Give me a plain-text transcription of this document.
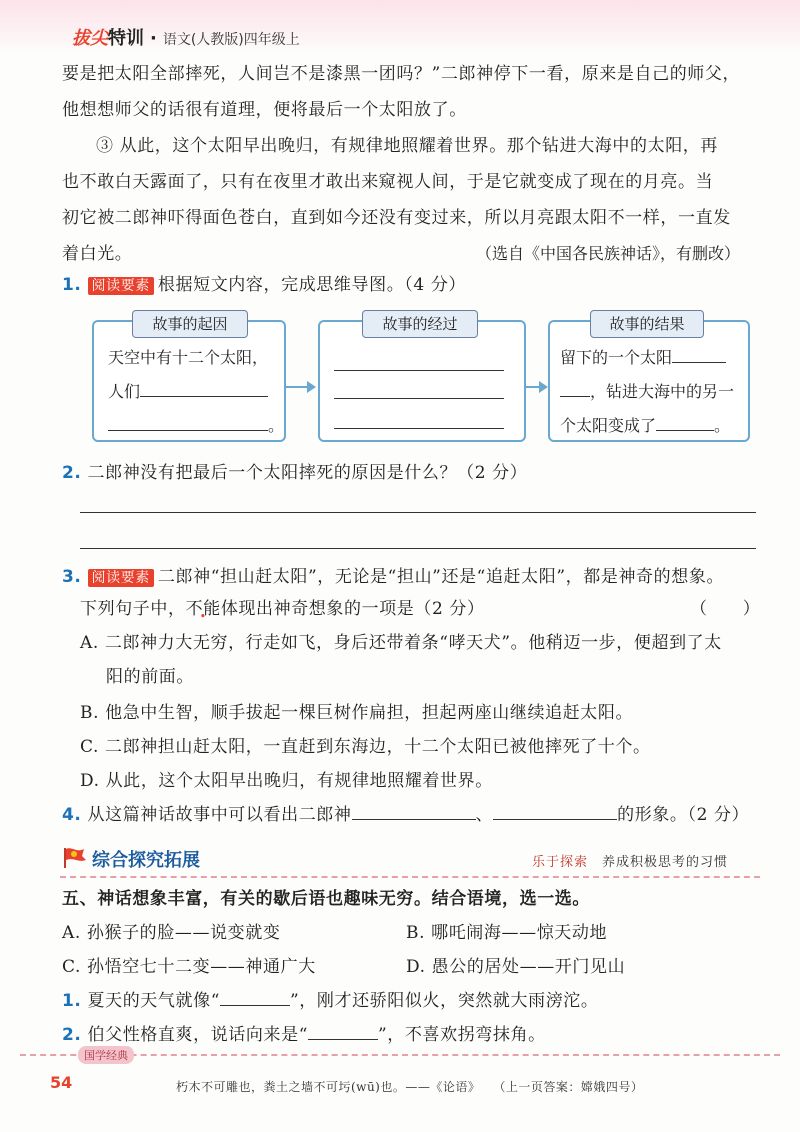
拔尖特训 · 语文(人教版)四年级上
要是把太阳全部摔死，人间岂不是漆黑一团吗？”二郎神停下一看，原来是自己的师父，
他想想师父的话很有道理，便将最后一个太阳放了。
③ 从此，这个太阳早出晚归，有规律地照耀着世界。那个钻进大海中的太阳，再
也不敢白天露面了，只有在夜里才敢出来窥视人间，于是它就变成了现在的月亮。当
初它被二郎神吓得面色苍白，直到如今还没有变过来，所以月亮跟太阳不一样，一直发
着白光。	（选自《中国各民族神话》，有删改）
1. 阅读要素 根据短文内容，完成思维导图。（4 分）
故事的起因
天空中有十二个太阳，
人们
。
故事的经过	故事的结果
留下的一个太阳
，钻进大海中的另一
个太阳变成了	。
2. 二郎神没有把最后一个太阳摔死的原因是什么？（2 分）
3. 阅读要素 二郎神“担山赶太阳”，无论是“担山”还是“追赶太阳”，都是神奇的想象。
下列句子中，不能体现出神奇想象的一项是（2 分）	（　　）
A. 二郎神力大无穷，行走如飞，身后还带着条“哮天犬”。他稍迈一步，便超到了太
阳的前面。
B. 他急中生智，顺手拔起一棵巨树作扁担，担起两座山继续追赶太阳。
C. 二郎神担山赶太阳，一直赶到东海边，十二个太阳已被他摔死了十个。
D. 从此，这个太阳早出晚归，有规律地照耀着世界。
4. 从这篇神话故事中可以看出二郎神	、	的形象。（2 分）
综合探究拓展	乐于探索　 养成积极思考的习惯
五、神话想象丰富，有关的歇后语也趣味无穷。结合语境，选一选。
A. 孙猴子的脸——说变就变	B. 哪吒闹海——惊天动地
C. 孙悟空七十二变——神通广大	D. 愚公的居处——开门见山
1. 夏天的天气就像“	”，刚才还骄阳似火，突然就大雨滂沱。
2. 伯父性格直爽，说话向来是“	”，不喜欢拐弯抹角。
国学经典
54	朽木不可雕也，粪土之墙不可圬(wū)也。——《论语》　　 （上一页答案：嫦娥四号）
